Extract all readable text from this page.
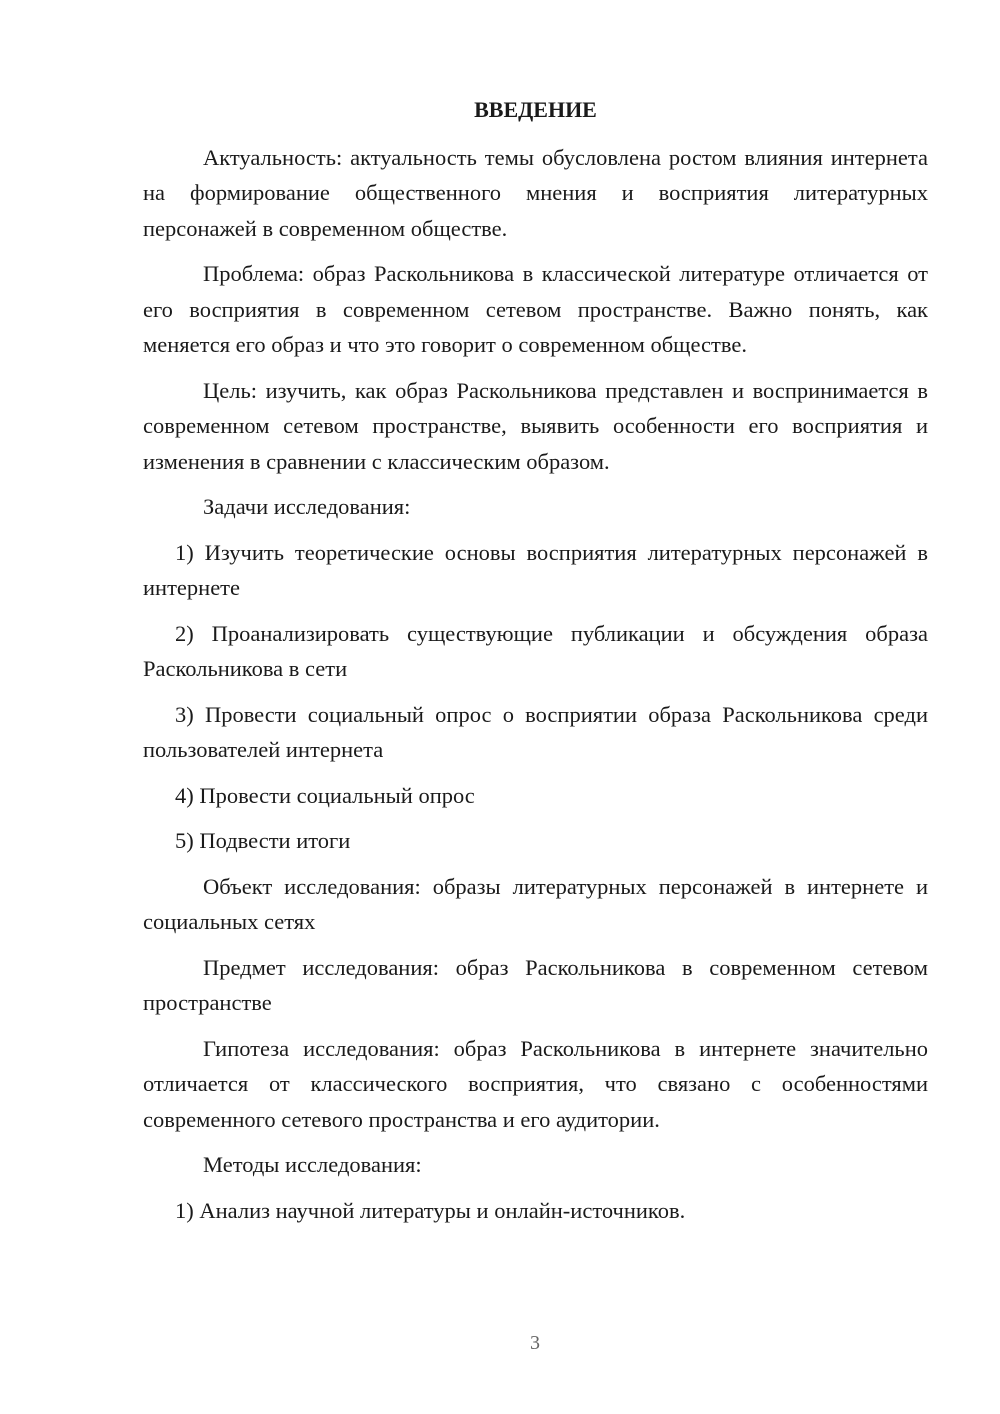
ВВЕДЕНИЕ

Актуальность: актуальность темы обусловлена ростом влияния интернета на формирование общественного мнения и восприятия литературных персонажей в современном обществе.

Проблема: образ Раскольникова в классической литературе отличается от его восприятия в современном сетевом пространстве. Важно понять, как меняется его образ и что это говорит о современном обществе.

Цель: изучить, как образ Раскольникова представлен и воспринимается в современном сетевом пространстве, выявить особенности его восприятия и изменения в сравнении с классическим образом.

Задачи исследования:

1) Изучить теоретические основы восприятия литературных персонажей в интернете

2) Проанализировать существующие публикации и обсуждения образа Раскольникова в сети

3) Провести социальный опрос о восприятии образа Раскольникова среди пользователей интернета

4) Провести социальный опрос

5) Подвести итоги

Объект исследования: образы литературных персонажей в интернете и социальных сетях

Предмет исследования: образ Раскольникова в современном сетевом пространстве

Гипотеза исследования: образ Раскольникова в интернете значительно отличается от классического восприятия, что связано с особенностями современного сетевого пространства и его аудитории.

Методы исследования:

1) Анализ научной литературы и онлайн-источников.

3
